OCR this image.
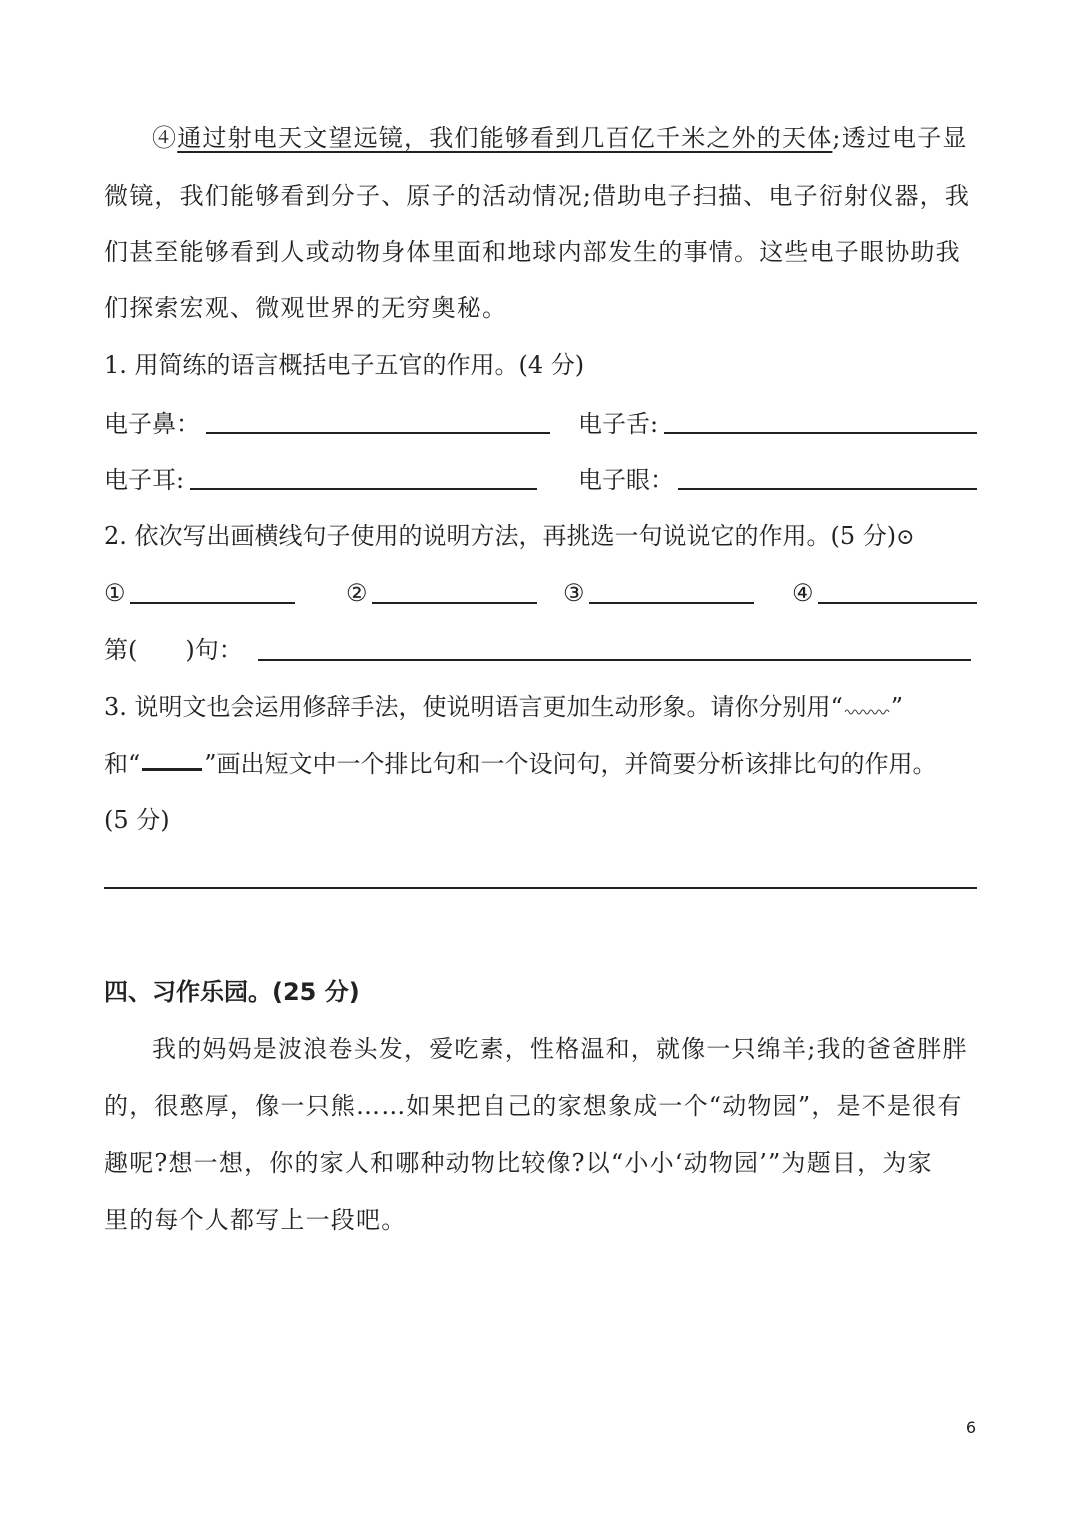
④通过射电天文望远镜，我们能够看到几百亿千米之外的天体;透过电子显
微镜，我们能够看到分子、原子的活动情况;借助电子扫描、电子衍射仪器，我
们甚至能够看到人或动物身体里面和地球内部发生的事情。这些电子眼协助我
们探索宏观、微观世界的无穷奥秘。
1. 用简练的语言概括电子五官的作用。(4 分)
电子鼻：	电子舌:
电子耳:	电子眼：
2. 依次写出画横线句子使用的说明方法，再挑选一句说说它的作用。(5 分)⊙
①	②	③	④
第(　　)句：
3. 说明文也会运用修辞手法，使说明语言更加生动形象。请你分别用“ ”
和“	”画出短文中一个排比句和一个设问句，并简要分析该排比句的作用。
(5 分)
四、习作乐园。(25 分)
我的妈妈是波浪卷头发，爱吃素，性格温和，就像一只绵羊;我的爸爸胖胖
的，很憨厚，像一只熊……如果把自己的家想象成一个“动物园”，是不是很有
趣呢?想一想，你的家人和哪种动物比较像?以“小小‘动物园’”为题目，为家
里的每个人都写上一段吧。
6
